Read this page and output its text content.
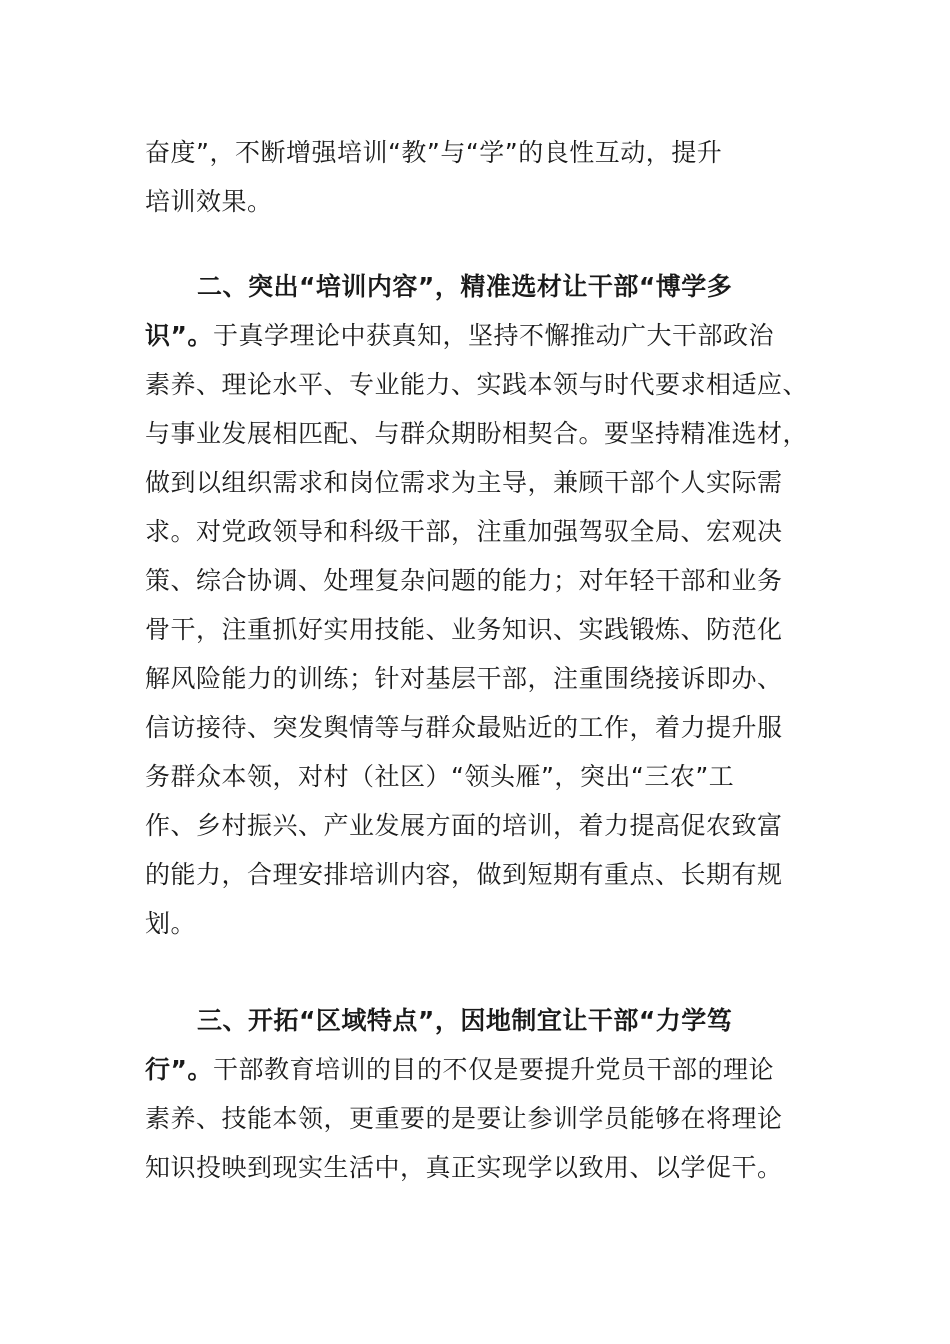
奋度”，不断增强培训“教”与“学”的良性互动，提升
培训效果。
二、突出“培训内容”，精准选材让干部“博学多
识”。于真学理论中获真知，坚持不懈推动广大干部政治
素养、理论水平、专业能力、实践本领与时代要求相适应、
与事业发展相匹配、与群众期盼相契合。要坚持精准选材，
做到以组织需求和岗位需求为主导，兼顾干部个人实际需
求。对党政领导和科级干部，注重加强驾驭全局、宏观决
策、综合协调、处理复杂问题的能力；对年轻干部和业务
骨干，注重抓好实用技能、业务知识、实践锻炼、防范化
解风险能力的训练；针对基层干部，注重围绕接诉即办、
信访接待、突发舆情等与群众最贴近的工作，着力提升服
务群众本领，对村（社区）“领头雁”，突出“三农”工
作、乡村振兴、产业发展方面的培训，着力提高促农致富
的能力，合理安排培训内容，做到短期有重点、长期有规
划。
三、开拓“区域特点”，因地制宜让干部“力学笃
行”。干部教育培训的目的不仅是要提升党员干部的理论
素养、技能本领，更重要的是要让参训学员能够在将理论
知识投映到现实生活中，真正实现学以致用、以学促干。
